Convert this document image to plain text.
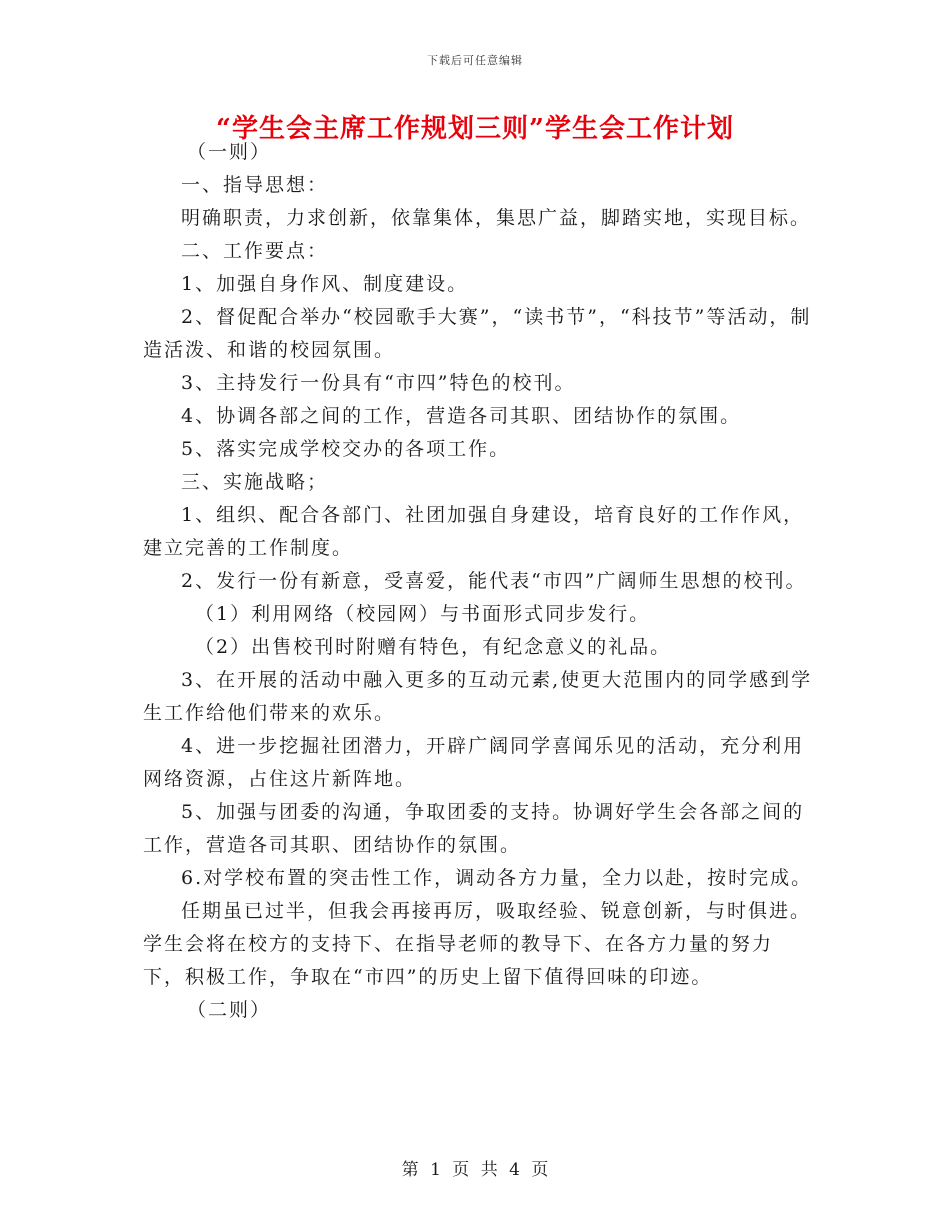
下载后可任意编辑
“学生会主席工作规划三则”学生会工作计划

（一则）

一、指导思想：

明确职责，力求创新，依靠集体，集思广益，脚踏实地，实现目标。

二、工作要点：

1、加强自身作风、制度建设。

2、督促配合举办“校园歌手大赛”，“读书节”，“科技节”等活动，制造活泼、和谐的校园氛围。

3、主持发行一份具有“市四”特色的校刊。

4、协调各部之间的工作，营造各司其职、团结协作的氛围。

5、落实完成学校交办的各项工作。

三、实施战略；

1、组织、配合各部门、社团加强自身建设，培育良好的工作作风，建立完善的工作制度。

2、发行一份有新意，受喜爱，能代表“市四”广阔师生思想的校刊。

（1）利用网络（校园网）与书面形式同步发行。

（2）出售校刊时附赠有特色，有纪念意义的礼品。

3、在开展的活动中融入更多的互动元素,使更大范围内的同学感到学生工作给他们带来的欢乐。

4、进一步挖掘社团潜力，开辟广阔同学喜闻乐见的活动，充分利用网络资源，占住这片新阵地。

5、加强与团委的沟通，争取团委的支持。协调好学生会各部之间的工作，营造各司其职、团结协作的氛围。

6.对学校布置的突击性工作，调动各方力量，全力以赴，按时完成。

任期虽已过半，但我会再接再厉，吸取经验、锐意创新，与时俱进。学生会将在校方的支持下、在指导老师的教导下、在各方力量的努力下，积极工作，争取在“市四”的历史上留下值得回味的印迹。

（二则）

第 1 页 共 4 页
